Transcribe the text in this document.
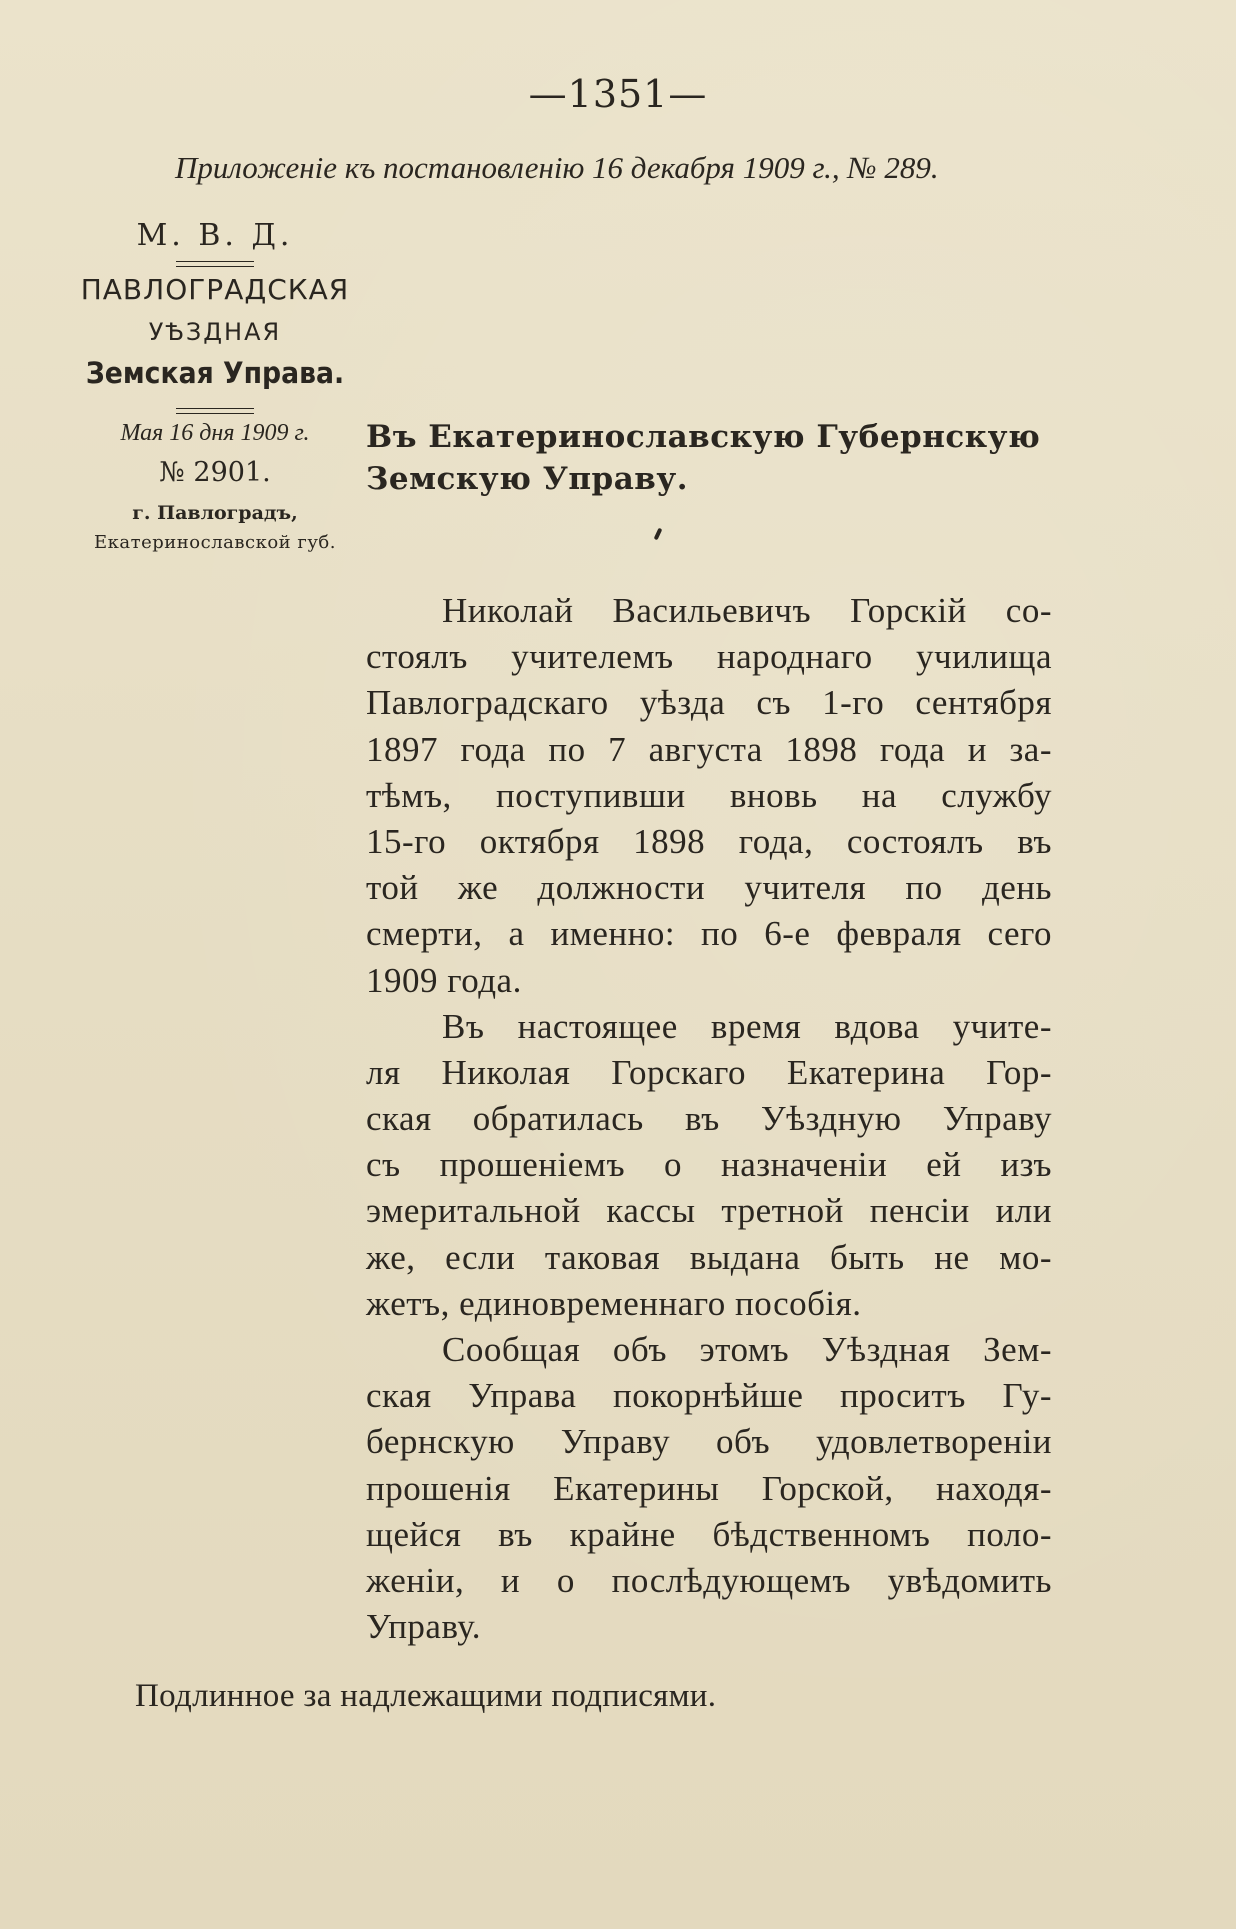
—1351—
Приложеніе къ постановленію 16 декабря 1909 г., № 289.
М. В. Д.
ПАВЛОГРАДСКАЯ
УѢЗДНАЯ
Земская Управа.
Мая 16 дня 1909 г.
№ 2901.
г. Павлоградъ,
Екатеринославской губ.
Въ Екатеринославскую Губернскую
Земскую Управу.
Николай Васильевичъ Горскій со-
стоялъ учителемъ народнаго училища
Павлоградскаго уѣзда съ 1-го сентября
1897 года по 7 августа 1898 года и за-
тѣмъ, поступивши вновь на службу
15-го октября 1898 года, состоялъ въ
той же должности учителя по день
смерти, а именно: по 6-е февраля сего
1909 года.
Въ настоящее время вдова учите-
ля Николая Горскаго Екатерина Гор-
ская обратилась въ Уѣздную Управу
съ прошеніемъ о назначеніи ей изъ
эмеритальной кассы третной пенсіи или
же, если таковая выдана быть не мо-
жетъ, единовременнаго пособія.
Сообщая объ этомъ Уѣздная Зем-
ская Управа покорнѣйше проситъ Гу-
бернскую Управу объ удовлетвореніи
прошенія Екатерины Горской, находя-
щейся въ крайне бѣдственномъ поло-
женіи, и о послѣдующемъ увѣдомить
Управу.
Подлинное за надлежащими подписями.
